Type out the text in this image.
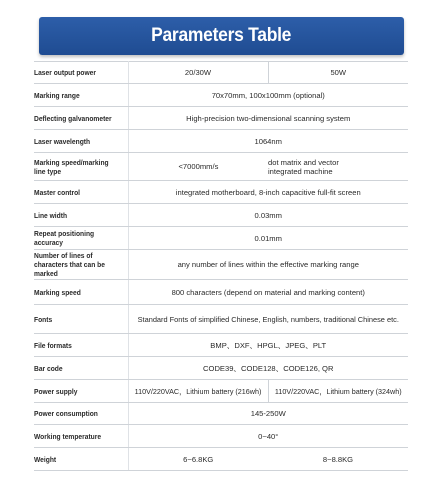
Parameters Table
Laser output power	20/30W	50W
Marking range	70x70mm, 100x100mm (optional)	
Deflecting galvanometer	High-precision two-dimensional scanning system	
Laser wavelength	1064nm	
Marking speed/marking line type	<7000mm/s	dot matrix and vector integrated machine
Master control	integrated motherboard, 8-inch capacitive full-fit screen	
Line width	0.03mm	
Repeat positioning accuracy	0.01mm	
Number of lines of characters that can be marked	any number of lines within the effective marking range	
Marking speed	800 characters (depend on material and marking content)	
Fonts	Standard Fonts of simplified Chinese, English, numbers, traditional Chinese etc.	
File formats	BMP、DXF、HPGL、JPEG、PLT	
Bar code	CODE39、CODE128、CODE126, QR	
Power supply	110V/220VAC，Lithium battery (216wh)	110V/220VAC，Lithium battery (324wh)
Power consumption	145-250W	
Working temperature	0~40°	
Weight	6~6.8KG	8~8.8KG
